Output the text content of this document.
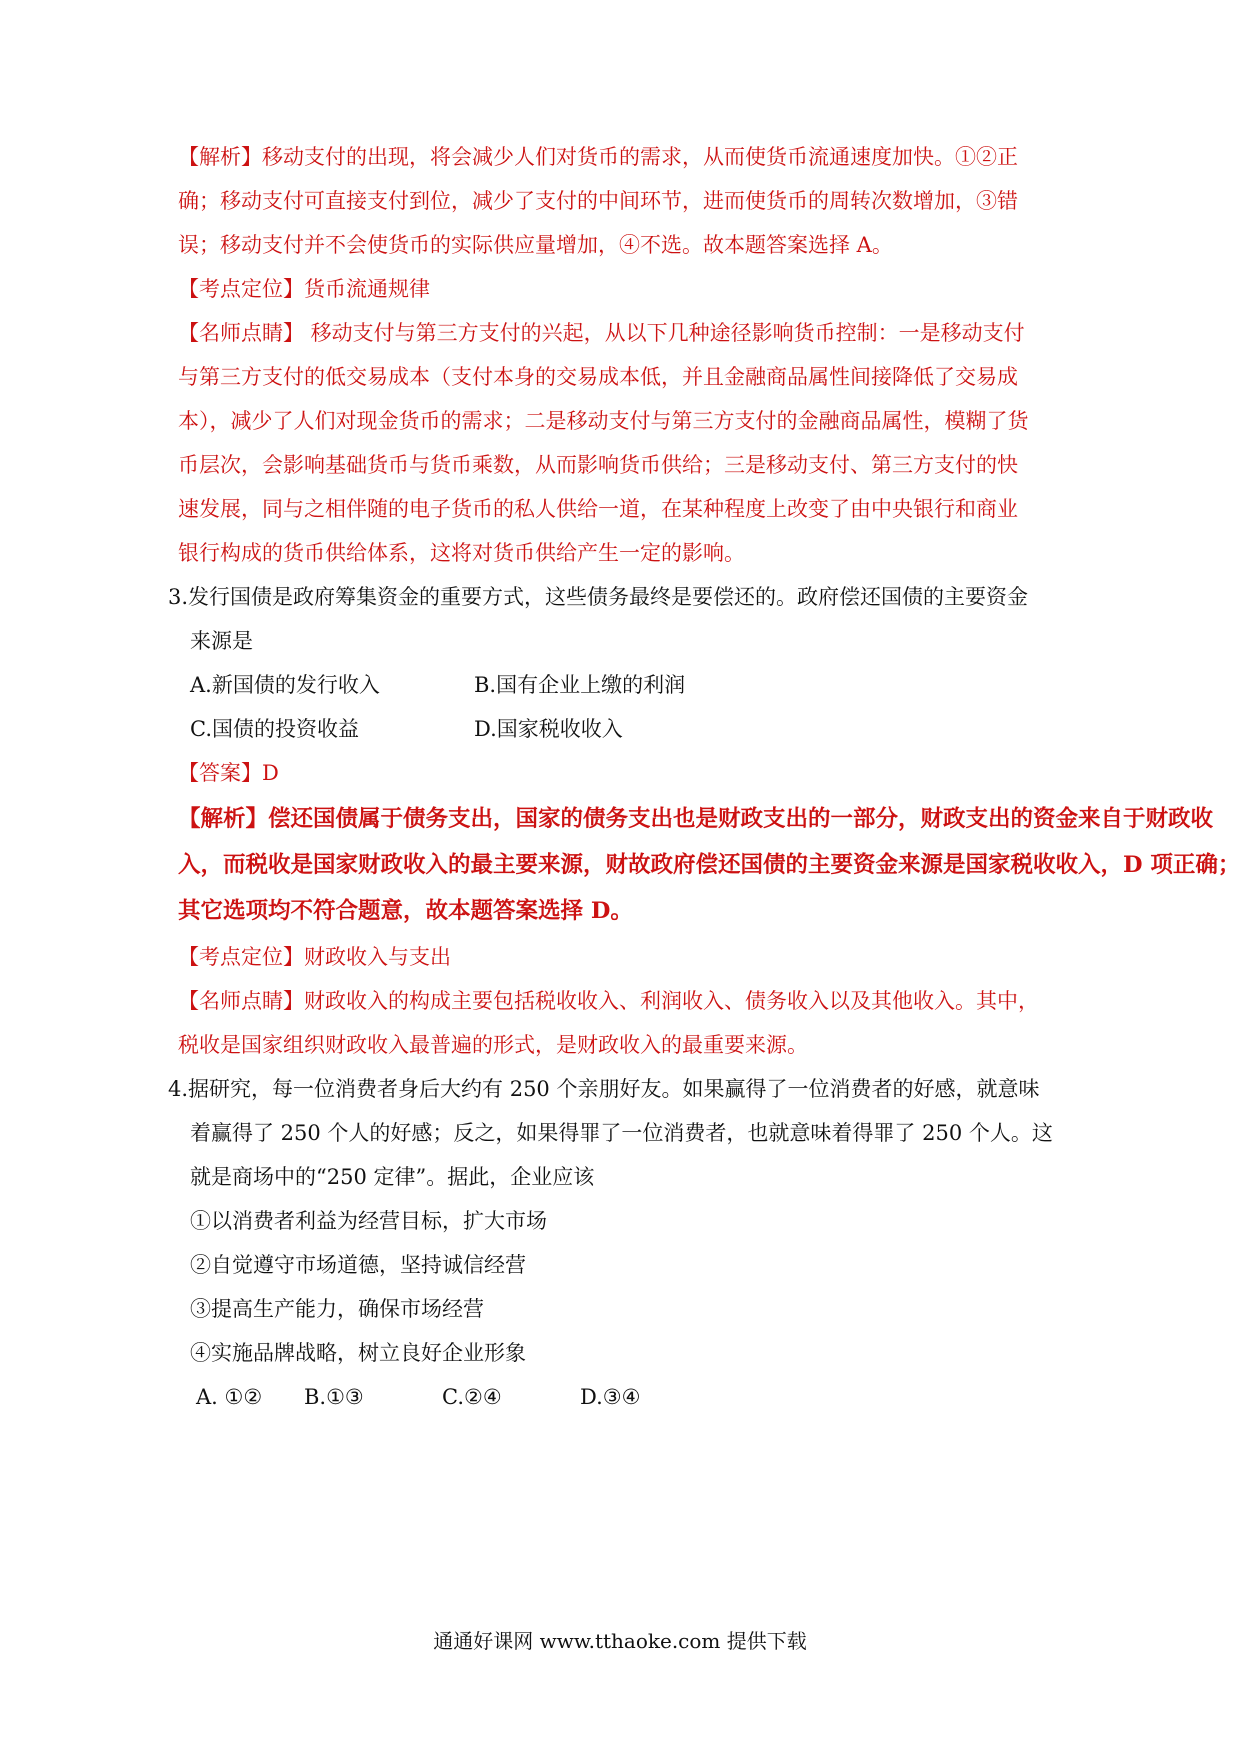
【解析】移动支付的出现，将会减少人们对货币的需求，从而使货币流通速度加快。①②正
确；移动支付可直接支付到位，减少了支付的中间环节，进而使货币的周转次数增加，③错
误；移动支付并不会使货币的实际供应量增加，④不选。故本题答案选择 A。
【考点定位】货币流通规律
【名师点睛】 移动支付与第三方支付的兴起，从以下几种途径影响货币控制：一是移动支付
与第三方支付的低交易成本（支付本身的交易成本低，并且金融商品属性间接降低了交易成
本），减少了人们对现金货币的需求；二是移动支付与第三方支付的金融商品属性，模糊了货
币层次，会影响基础货币与货币乘数，从而影响货币供给；三是移动支付、第三方支付的快
速发展，同与之相伴随的电子货币的私人供给一道，在某种程度上改变了由中央银行和商业
银行构成的货币供给体系，这将对货币供给产生一定的影响。
3.发行国债是政府筹集资金的重要方式，这些债务最终是要偿还的。政府偿还国债的主要资金
来源是
A.新国债的发行收入	B.国有企业上缴的利润
C.国债的投资收益	D.国家税收收入
【答案】D
【解析】偿还国债属于债务支出，国家的债务支出也是财政支出的一部分，财政支出的资金来自于财政收
入，而税收是国家财政收入的最主要来源，财故政府偿还国债的主要资金来源是国家税收收入，D 项正确；
其它选项均不符合题意，故本题答案选择 D。
【考点定位】财政收入与支出
【名师点睛】财政收入的构成主要包括税收收入、利润收入、债务收入以及其他收入。其中，
税收是国家组织财政收入最普遍的形式，是财政收入的最重要来源。
4.据研究，每一位消费者身后大约有 250 个亲朋好友。如果赢得了一位消费者的好感，就意味
着赢得了 250 个人的好感；反之，如果得罪了一位消费者，也就意味着得罪了 250 个人。这
就是商场中的“250 定律”。据此，企业应该
①以消费者利益为经营目标，扩大市场
②自觉遵守市场道德，坚持诚信经营
③提高生产能力，确保市场经营
④实施品牌战略，树立良好企业形象
A. ①② B.①③	C.②④	D.③④
通通好课网 www.tthaoke.com 提供下载
